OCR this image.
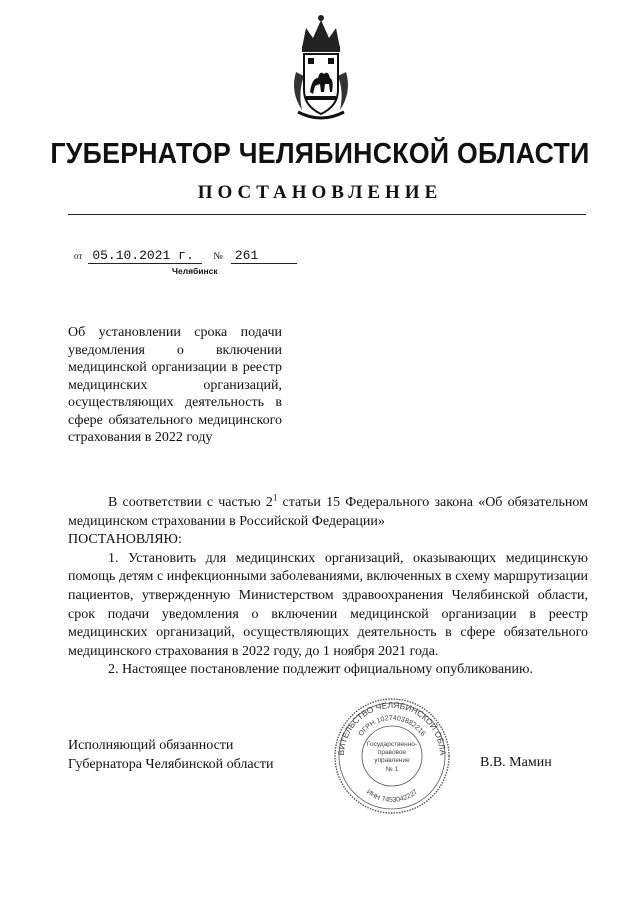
ГУБЕРНАТОР ЧЕЛЯБИНСКОЙ ОБЛАСТИ
ПОСТАНОВЛЕНИЕ
от 05.10.2021 г. № 261
Челябинск
Об установлении срока подачи уведомления о включении медицинской организации в реестр медицинских организаций, осуществляющих деятельность в сфере обязательного медицинского страхования в 2022 году

В соответствии с частью $2^1$ статьи 15 Федерального закона «Об обязательном медицинском страховании в Российской Федерации»

ПОСТАНОВЛЯЮ:

1. Установить для медицинских организаций, оказывающих медицинскую помощь детям с инфекционными заболеваниями, включенных в схему маршрутизации пациентов, утвержденную Министерством здравоохранения Челябинской области, срок подачи уведомления о включении медицинской организации в реестр медицинских организаций, осуществляющих деятельность в сфере обязательного медицинского страхования в 2022 году, до 1 ноября 2021 года.

2. Настоящее постановление подлежит официальному опубликованию.

Исполняющий обязанности
Губернатора Челябинской области	В.В. Мамин
ВИТЕЛЬСТВО ЧЕЛЯБИНСКОЙ ОБЛА
ОГРН 1027403882216
ИНН 7453042227
Государственно-
правовое
управление
№ 1
